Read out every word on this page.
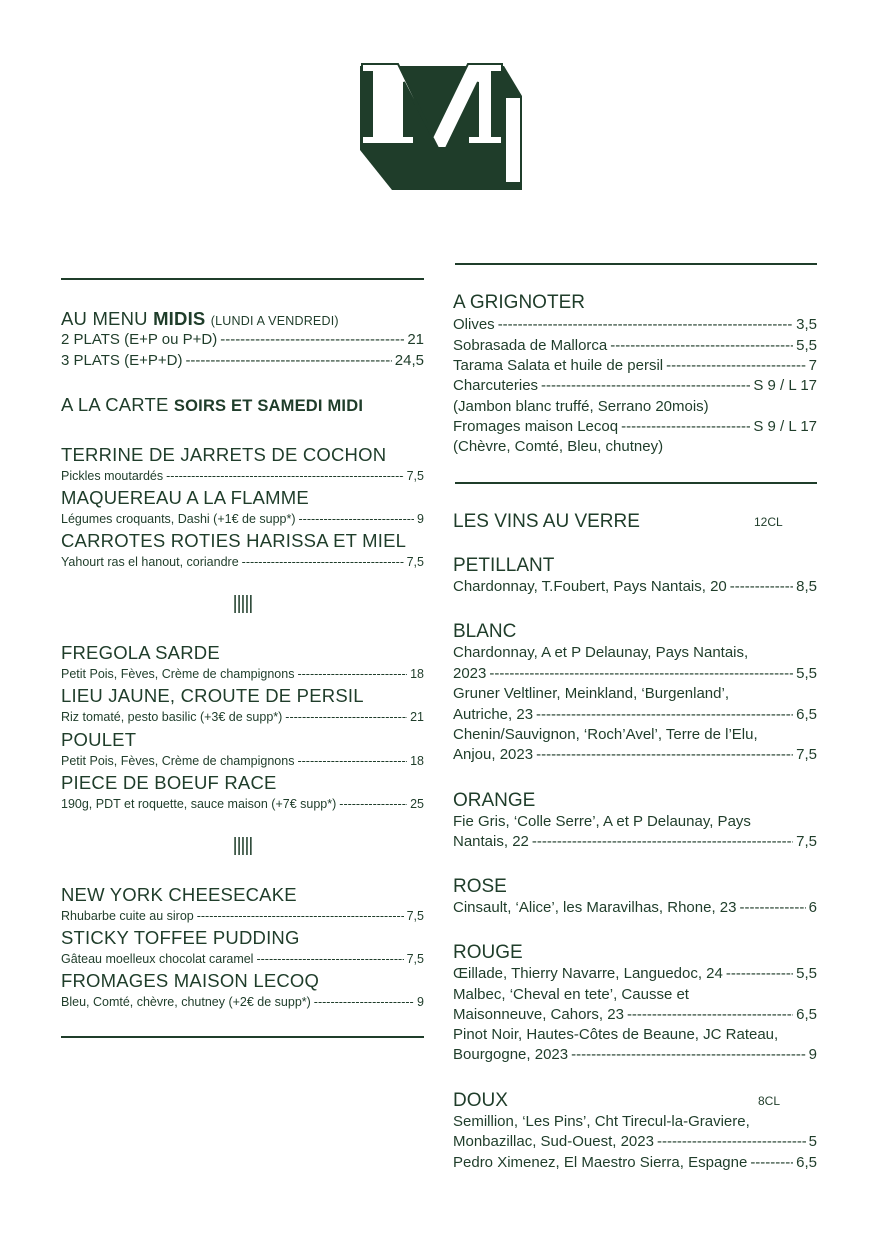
AU MENU MIDIS (LUNDI A VENDREDI)
2 PLATS (E+P ou P+D) -----	21
3 PLATS (E+P+D) -----	24,5
A LA CARTE SOIRS ET SAMEDI MIDI
TERRINE DE JARRETS DE COCHON
Pickles moutardés -----	7,5
MAQUEREAU A LA FLAMME
Légumes croquants, Dashi (+1€ de supp*) -----	9
CARROTES ROTIES HARISSA ET MIEL
Yahourt ras el hanout, coriandre -----	7,5
|||||
FREGOLA SARDE
Petit Pois, Fèves, Crème de champignons -----	18
LIEU JAUNE, CROUTE DE PERSIL
Riz tomaté, pesto basilic (+3€ de supp*) -----	21
POULET
Petit Pois, Fèves, Crème de champignons -----	18
PIECE DE BOEUF RACE
190g, PDT et roquette, sauce maison (+7€ supp*) -----	25
|||||
NEW YORK CHEESECAKE
Rhubarbe cuite au sirop -----	7,5
STICKY TOFFEE PUDDING
Gâteau moelleux chocolat caramel -----	7,5
FROMAGES MAISON LECOQ
Bleu, Comté, chèvre, chutney (+2€ de supp*) -----	9
A GRIGNOTER
Olives -----	3,5
Sobrasada de Mallorca -----	5,5
Tarama Salata et huile de persil -----	7
Charcuteries -----	S 9 / L 17
(Jambon blanc truffé, Serrano 20mois)
Fromages maison Lecoq -----	S 9 / L 17
(Chèvre, Comté, Bleu, chutney)
LES VINS AU VERRE	12CL
PETILLANT
Chardonnay, T.Foubert, Pays Nantais, 20 -----	8,5
BLANC
Chardonnay, A et P Delaunay, Pays Nantais,
2023 -----	5,5
Gruner Veltliner, Meinkland, ‘Burgenland’,
Autriche, 23 -----	6,5
Chenin/Sauvignon, ‘Roch’Avel’, Terre de l’Elu,
Anjou, 2023 -----	7,5
ORANGE
Fie Gris, ‘Colle Serre’, A et P Delaunay, Pays
Nantais, 22 -----	7,5
ROSE
Cinsault, ‘Alice’, les Maravilhas, Rhone, 23 -----	6
ROUGE
Œillade, Thierry Navarre, Languedoc, 24 -----	5,5
Malbec, ‘Cheval en tete’, Causse et
Maisonneuve, Cahors, 23 -----	6,5
Pinot Noir, Hautes-Côtes de Beaune, JC Rateau,
Bourgogne, 2023 -----	9
DOUX	8CL
Semillion, ‘Les Pins’, Cht Tirecul-la-Graviere,
Monbazillac, Sud-Ouest, 2023 -----	5
Pedro Ximenez, El Maestro Sierra, Espagne -----	6,5
